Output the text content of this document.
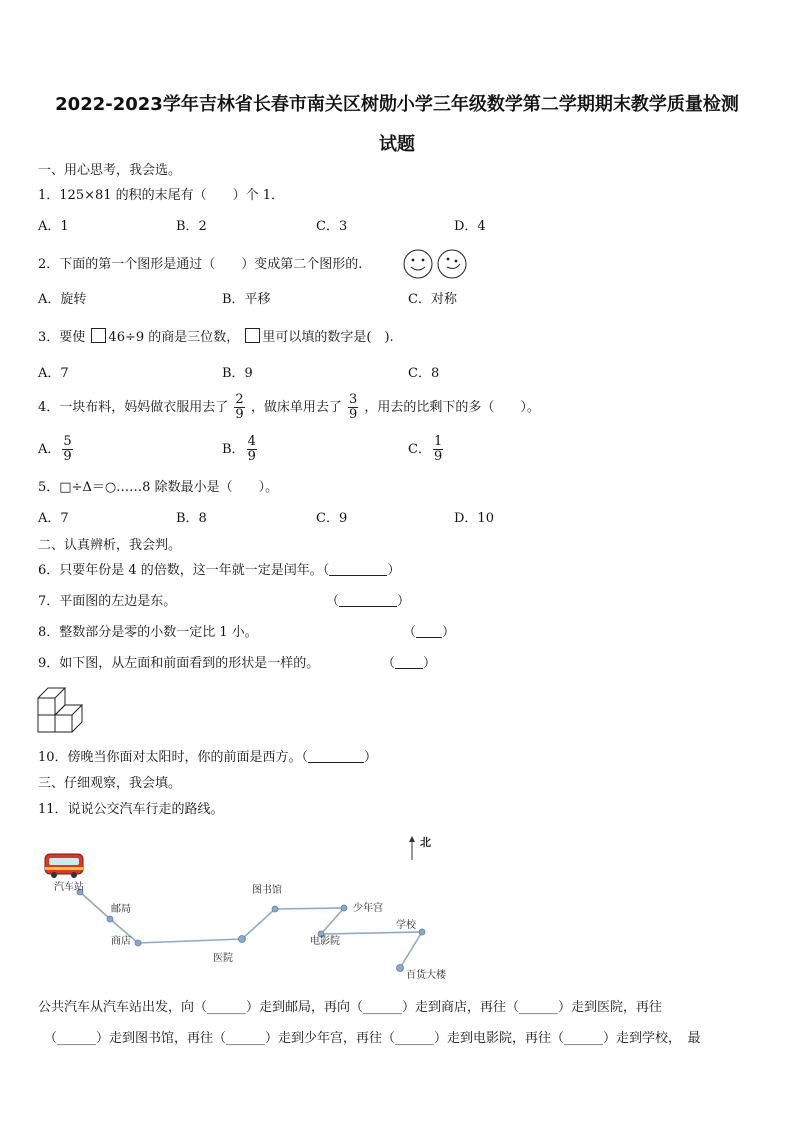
2022-2023学年吉林省长春市南关区树勋小学三年级数学第二学期期末教学质量检测
试题
一、用心思考，我会选。
1．125×81 的积的末尾有（　　）个 1．
A．1	B．2	C．3	D．4
2．下面的第一个图形是通过（　　）变成第二个图形的.
A．旋转	B．平移	C．对称
3．要使 46÷9 的商是三位数， 里可以填的数字是(　).
A．7	B．9	C．8
4．一块布料，妈妈做衣服用去了 $\frac{2}{9}$ ，做床单用去了 $\frac{3}{9}$ ，用去的比剩下的多（　　）。
A． $\frac{5}{9}$	B． $\frac{4}{9}$	C． $\frac{1}{9}$
5．□÷Δ＝○……8 除数最小是（　　）。
A．7	B．8	C．9	D．10
二、认真辨析，我会判。
6．只要年份是 4 的倍数，这一年就一定是闰年。（	）
7．平面图的左边是东。	（	）
8．整数部分是零的小数一定比 1 小。	（ ）
9．如下图，从左面和前面看到的形状是一样的。	（ ）
10．傍晚当你面对太阳时，你的前面是西方。（	）
三、仔细观察，我会填。
11．说说公交汽车行走的路线。
北
汽车站
邮局
商店
医院
图书馆
少年宫
电影院
学校
百货大楼
公共汽车从汽车站出发，向（______）走到邮局，再向（______）走到商店，再往（______）走到医院，再往
（______）走到图书馆，再往（______）走到少年宫，再往（______）走到电影院，再往（______）走到学校，　最
